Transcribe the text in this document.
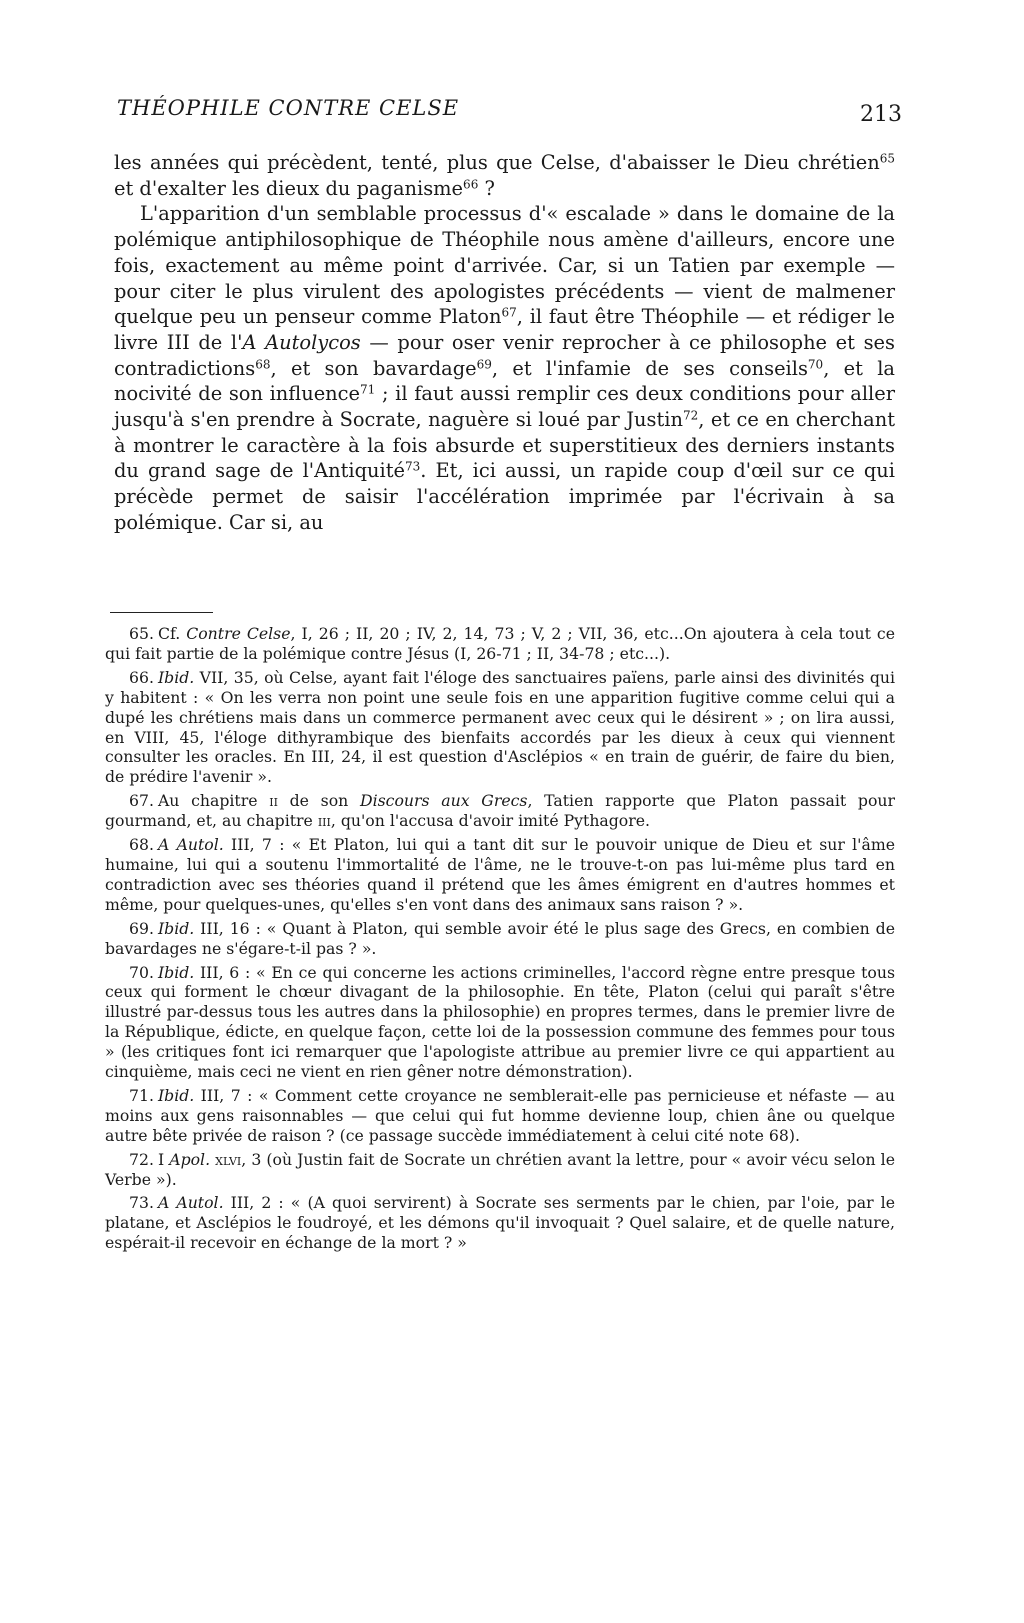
THÉOPHILE CONTRE CELSE	213

les années qui précèdent, tenté, plus que Celse, d'abaisser le Dieu chrétien$^{65}$ et d'exalter les dieux du paganisme$^{66}$ ?

L'apparition d'un semblable processus d'« escalade » dans le domaine de la polémique antiphilosophique de Théophile nous amène d'ailleurs, encore une fois, exactement au même point d'arrivée. Car, si un Tatien par exemple — pour citer le plus virulent des apologistes précédents — vient de malmener quelque peu un penseur comme Platon$^{67}$, il faut être Théophile — et rédiger le livre III de l'A Autolycos — pour oser venir reprocher à ce philosophe et ses contradictions$^{68}$, et son bavardage$^{69}$, et l'infamie de ses conseils$^{70}$, et la nocivité de son influence$^{71}$ ; il faut aussi remplir ces deux conditions pour aller jusqu'à s'en prendre à Socrate, naguère si loué par Justin$^{72}$, et ce en cherchant à montrer le caractère à la fois absurde et superstitieux des derniers instants du grand sage de l'Antiquité$^{73}$. Et, ici aussi, un rapide coup d'œil sur ce qui précède permet de saisir l'accélération imprimée par l'écrivain à sa polémique. Car si, au

65. Cf. Contre Celse, I, 26 ; II, 20 ; IV, 2, 14, 73 ; V, 2 ; VII, 36, etc...On ajoutera à cela tout ce qui fait partie de la polémique contre Jésus (I, 26-71 ; II, 34-78 ; etc...).

66. Ibid. VII, 35, où Celse, ayant fait l'éloge des sanctuaires païens, parle ainsi des divinités qui y habitent : « On les verra non point une seule fois en une apparition fugitive comme celui qui a dupé les chrétiens mais dans un commerce permanent avec ceux qui le désirent » ; on lira aussi, en VIII, 45, l'éloge dithyrambique des bienfaits accordés par les dieux à ceux qui viennent consulter les oracles. En III, 24, il est question d'Asclépios « en train de guérir, de faire du bien, de prédire l'avenir ».

67. Au chapitre ii de son Discours aux Grecs, Tatien rapporte que Platon passait pour gourmand, et, au chapitre iii, qu'on l'accusa d'avoir imité Pythagore.

68. A Autol. III, 7 : « Et Platon, lui qui a tant dit sur le pouvoir unique de Dieu et sur l'âme humaine, lui qui a soutenu l'immortalité de l'âme, ne le trouve-t-on pas lui-même plus tard en contradiction avec ses théories quand il prétend que les âmes émigrent en d'autres hommes et même, pour quelques-unes, qu'elles s'en vont dans des animaux sans raison ? ».

69. Ibid. III, 16 : « Quant à Platon, qui semble avoir été le plus sage des Grecs, en combien de bavardages ne s'égare-t-il pas ? ».

70. Ibid. III, 6 : « En ce qui concerne les actions criminelles, l'accord règne entre presque tous ceux qui forment le chœur divagant de la philosophie. En tête, Platon (celui qui paraît s'être illustré par-dessus tous les autres dans la philosophie) en propres termes, dans le premier livre de la République, édicte, en quelque façon, cette loi de la possession commune des femmes pour tous » (les critiques font ici remarquer que l'apologiste attribue au premier livre ce qui appartient au cinquième, mais ceci ne vient en rien gêner notre démonstration).

71. Ibid. III, 7 : « Comment cette croyance ne semblerait-elle pas pernicieuse et néfaste — au moins aux gens raisonnables — que celui qui fut homme devienne loup, chien âne ou quelque autre bête privée de raison ? (ce passage succède immédiatement à celui cité note 68).

72. I Apol. xlvi, 3 (où Justin fait de Socrate un chrétien avant la lettre, pour « avoir vécu selon le Verbe »).

73. A Autol. III, 2 : « (A quoi servirent) à Socrate ses serments par le chien, par l'oie, par le platane, et Asclépios le foudroyé, et les démons qu'il invoquait ? Quel salaire, et de quelle nature, espérait-il recevoir en échange de la mort ? »
